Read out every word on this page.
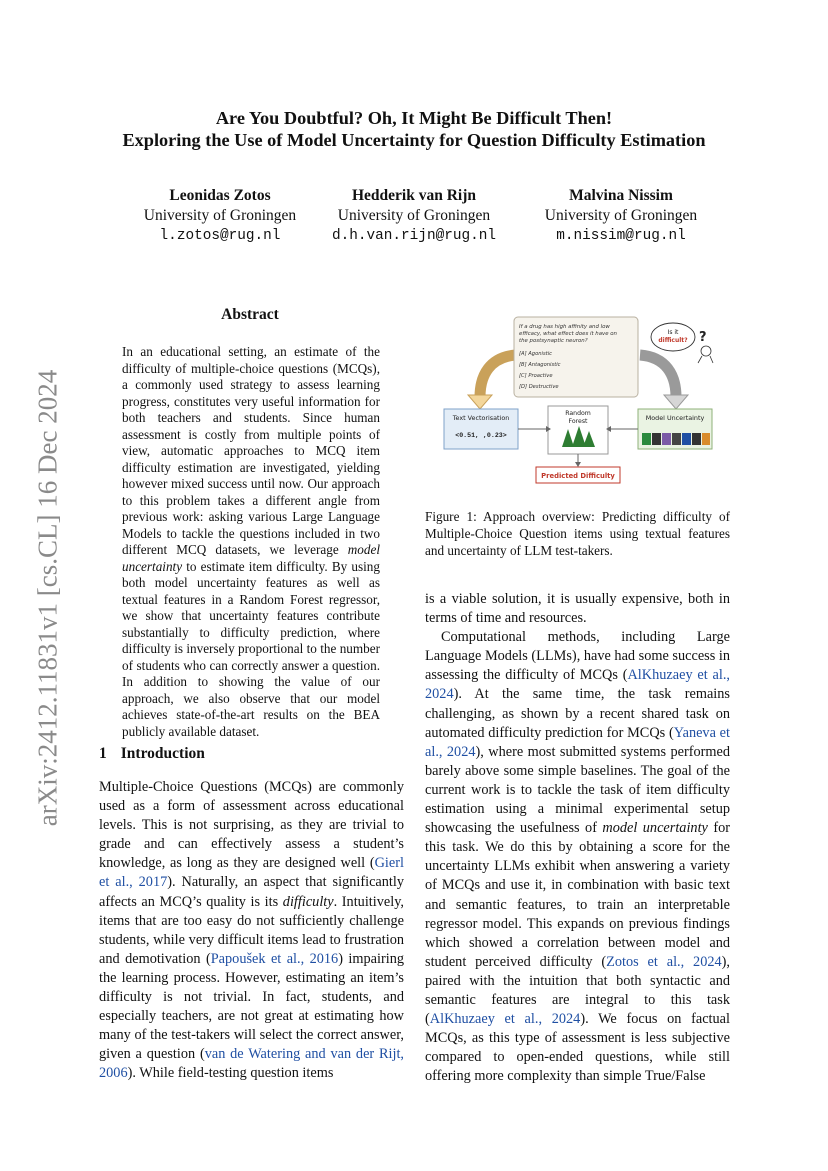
Are You Doubtful? Oh, It Might Be Difficult Then!
Exploring the Use of Model Uncertainty for Question Difficulty Estimation
Leonidas Zotos
University of Groningen
l.zotos@rug.nl
Hedderik van Rijn
University of Groningen
d.h.van.rijn@rug.nl
Malvina Nissim
University of Groningen
m.nissim@rug.nl
arXiv:2412.11831v1 [cs.CL] 16 Dec 2024
Abstract
In an educational setting, an estimate of the difficulty of multiple-choice questions (MCQs), a commonly used strategy to assess learning progress, constitutes very useful information for both teachers and students. Since human assessment is costly from multiple points of view, automatic approaches to MCQ item difficulty estimation are investigated, yielding however mixed success until now. Our approach to this problem takes a different angle from previous work: asking various Large Language Models to tackle the questions included in two different MCQ datasets, we leverage model uncertainty to estimate item difficulty. By using both model uncertainty features as well as textual features in a Random Forest regressor, we show that uncertainty features contribute substantially to difficulty prediction, where difficulty is inversely proportional to the number of students who can correctly answer a question. In addition to showing the value of our approach, we also observe that our model achieves state-of-the-art results on the BEA publicly available dataset.
If a drug has high affinity and low
efficacy, what effect does it have on
the postsynaptic neuron?
[A] Agonistic
[B] Antagonistic
[C] Proactive
[D] Destructive
Is it
difficult? ?
Text Vectorisation
<0.51, ,0.23>
Random
Forest	Model Uncertainty
Predicted Difficulty
Figure 1: Approach overview: Predicting difficulty of Multiple-Choice Question items using textual features and uncertainty of LLM test-takers.
1 Introduction

Multiple-Choice Questions (MCQs) are commonly used as a form of assessment across educational levels. This is not surprising, as they are trivial to grade and can effectively assess a student’s knowledge, as long as they are designed well (Gierl et al., 2017). Naturally, an aspect that significantly affects an MCQ’s quality is its difficulty. Intuitively, items that are too easy do not sufficiently challenge students, while very difficult items lead to frustration and demotivation (Papoušek et al., 2016) impairing the learning process. However, estimating an item’s difficulty is not trivial. In fact, students, and especially teachers, are not great at estimating how many of the test-takers will select the correct answer, given a question (van de Watering and van der Rijt, 2006). While field-testing question items

is a viable solution, it is usually expensive, both in terms of time and resources.

Computational methods, including Large Language Models (LLMs), have had some success in assessing the difficulty of MCQs (AlKhuzaey et al., 2024). At the same time, the task remains challenging, as shown by a recent shared task on automated difficulty prediction for MCQs (Yaneva et al., 2024), where most submitted systems performed barely above some simple baselines. The goal of the current work is to tackle the task of item difficulty estimation using a minimal experimental setup showcasing the usefulness of model uncertainty for this task. We do this by obtaining a score for the uncertainty LLMs exhibit when answering a variety of MCQs and use it, in combination with basic text and semantic features, to train an interpretable regressor model. This expands on previous findings which showed a correlation between model and student perceived difficulty (Zotos et al., 2024), paired with the intuition that both syntactic and semantic features are integral to this task (AlKhuzaey et al., 2024). We focus on factual MCQs, as this type of assessment is less subjective compared to open-ended questions, while still offering more complexity than simple True/False
